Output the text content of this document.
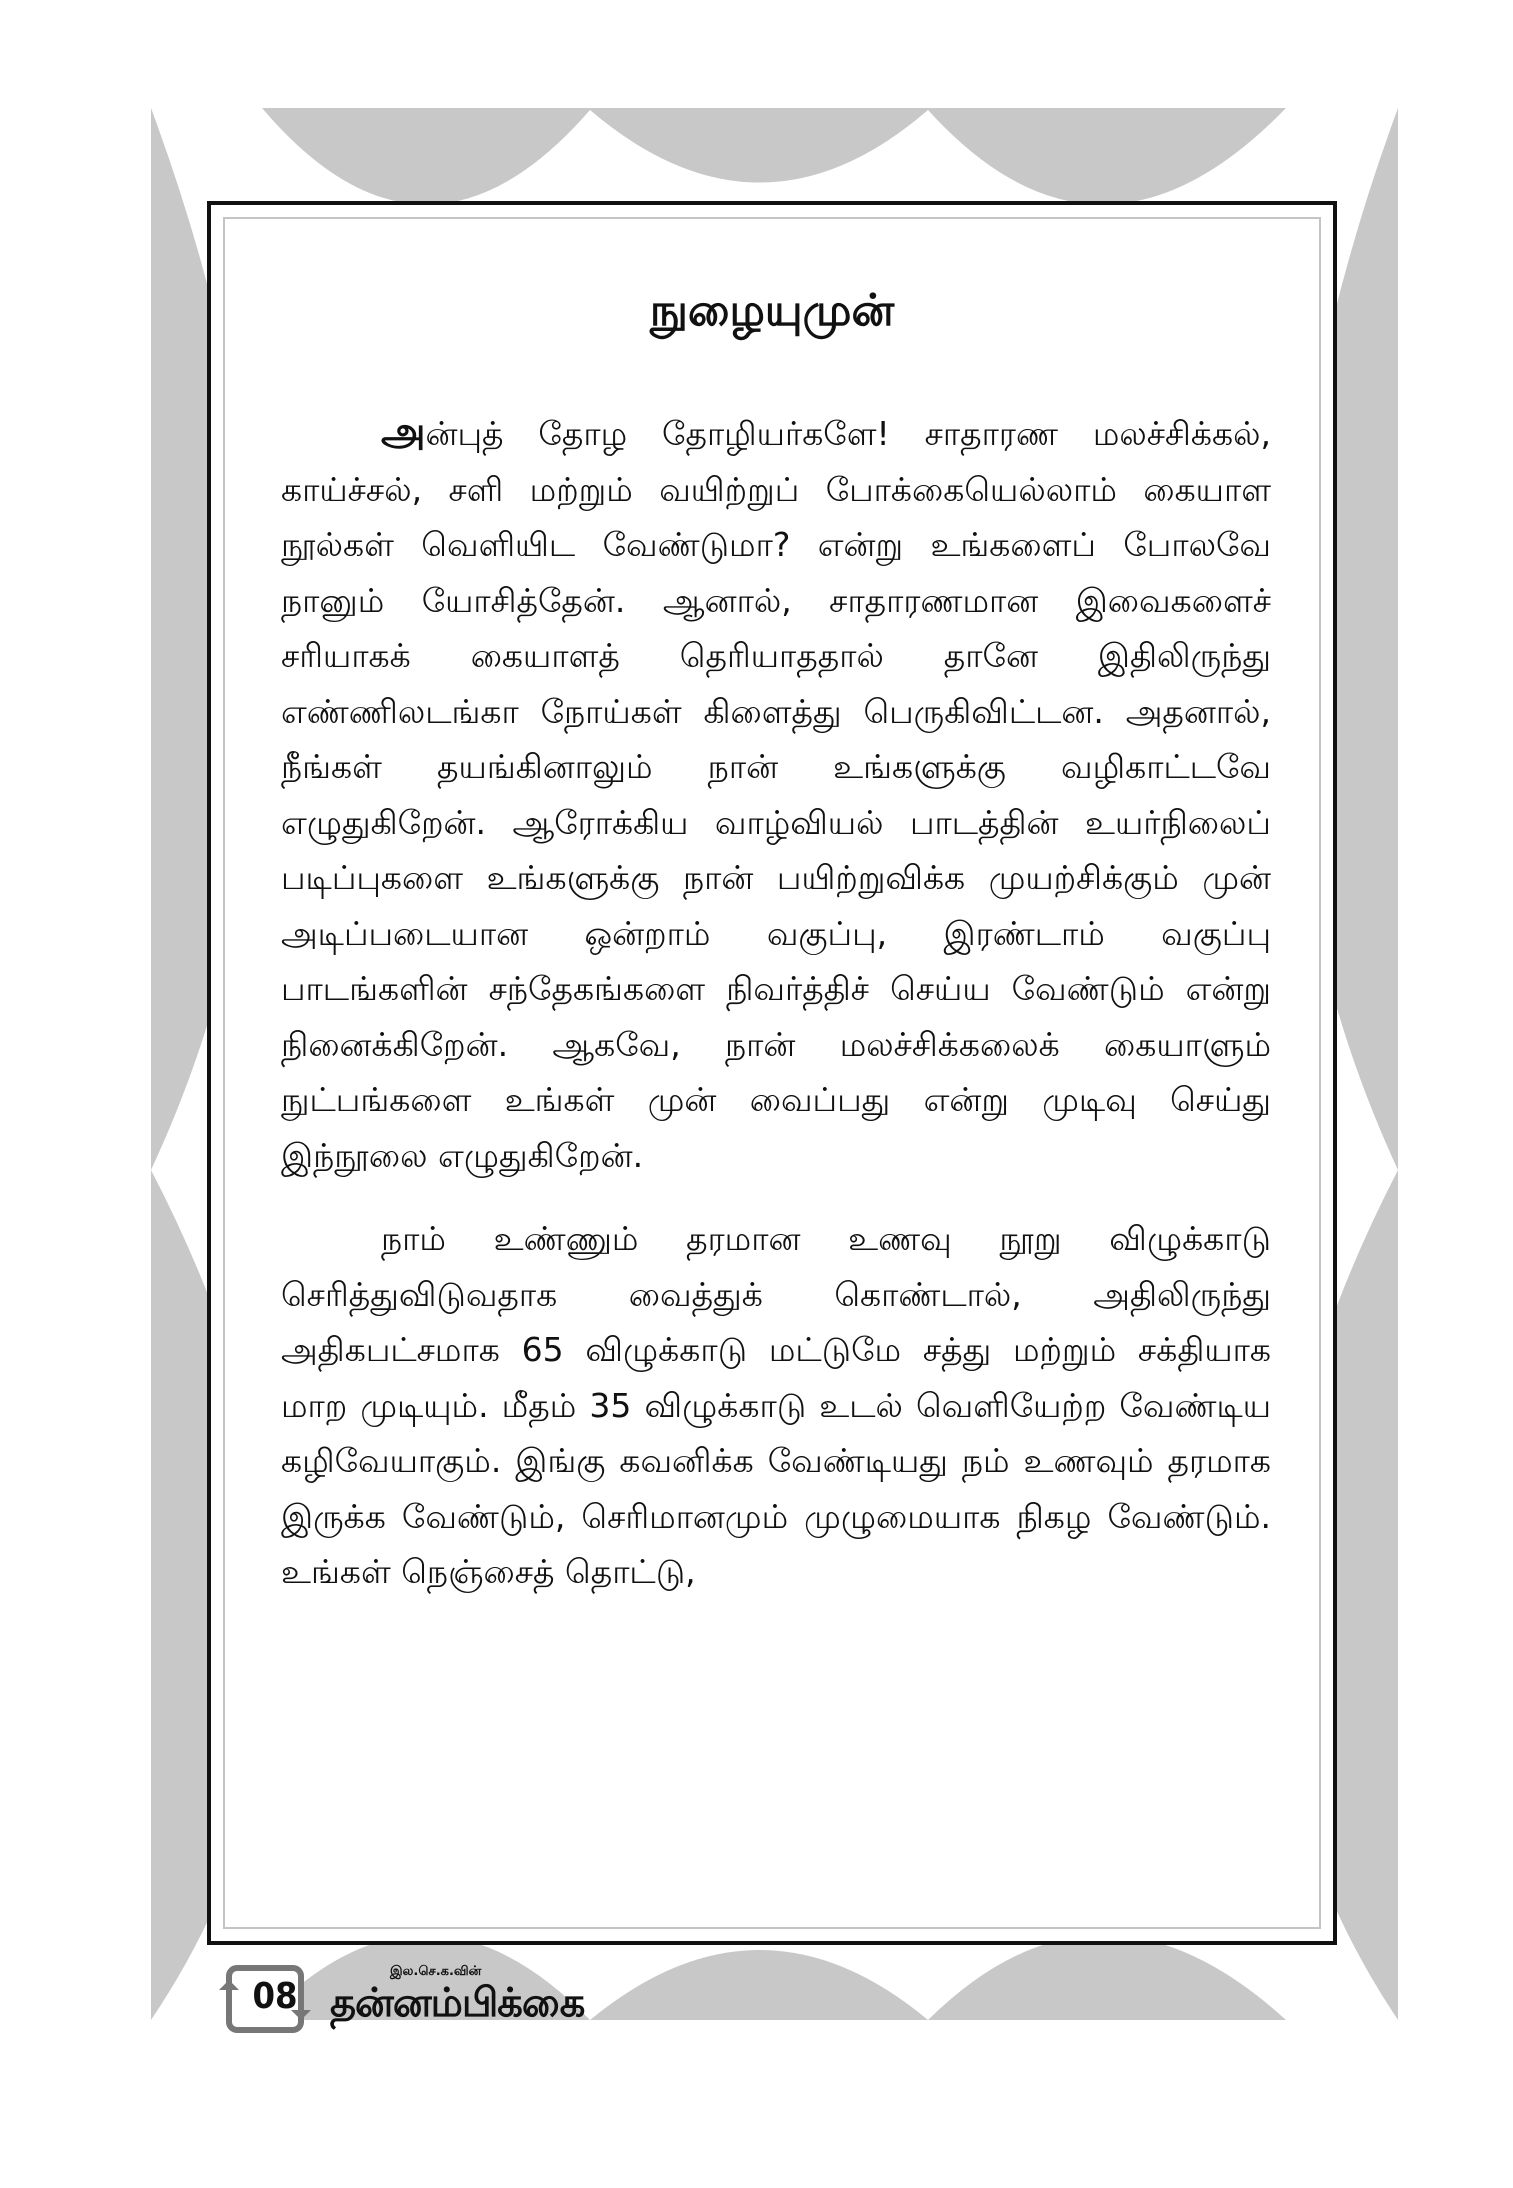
நுழையுமுன்

அன்புத் தோழ தோழியர்களே! சாதாரண மலச்சிக்கல், காய்ச்சல், சளி மற்றும் வயிற்றுப் போக்கையெல்லாம் கையாள நூல்கள் வெளியிட வேண்டுமா? என்று உங்களைப் போலவே நானும் யோசித்தேன். ஆனால், சாதாரணமான இவைகளைச் சரியாகக் கையாளத் தெரியாததால் தானே இதிலிருந்து எண்ணிலடங்கா நோய்கள் கிளைத்து பெருகிவிட்டன. அதனால், நீங்கள் தயங்கினாலும் நான் உங்களுக்கு வழிகாட்டவே எழுதுகிறேன். ஆரோக்கிய வாழ்வியல் பாடத்தின் உயர்நிலைப் படிப்புகளை உங்களுக்கு நான் பயிற்றுவிக்க முயற்சிக்கும் முன் அடிப்படையான ஒன்றாம் வகுப்பு, இரண்டாம் வகுப்பு பாடங்களின் சந்தேகங்களை நிவர்த்திச் செய்ய வேண்டும் என்று நினைக்கிறேன். ஆகவே, நான் மலச்சிக்கலைக் கையாளும் நுட்பங்களை உங்கள் முன் வைப்பது என்று முடிவு செய்து இந்நூலை எழுதுகிறேன்.

நாம் உண்ணும் தரமான உணவு நூறு விழுக்காடு செரித்துவிடுவதாக வைத்துக் கொண்டால், அதிலிருந்து அதிகபட்சமாக 65 விழுக்காடு மட்டுமே சத்து மற்றும் சக்தியாக மாற முடியும். மீதம் 35 விழுக்காடு உடல் வெளியேற்ற வேண்டிய கழிவேயாகும். இங்கு கவனிக்க வேண்டியது நம் உணவும் தரமாக இருக்க வேண்டும், செரிமானமும் முழுமையாக நிகழ வேண்டும். உங்கள் நெஞ்சைத் தொட்டு,

08
இல.செ.க.வின்
தன்னம்பிக்கை
